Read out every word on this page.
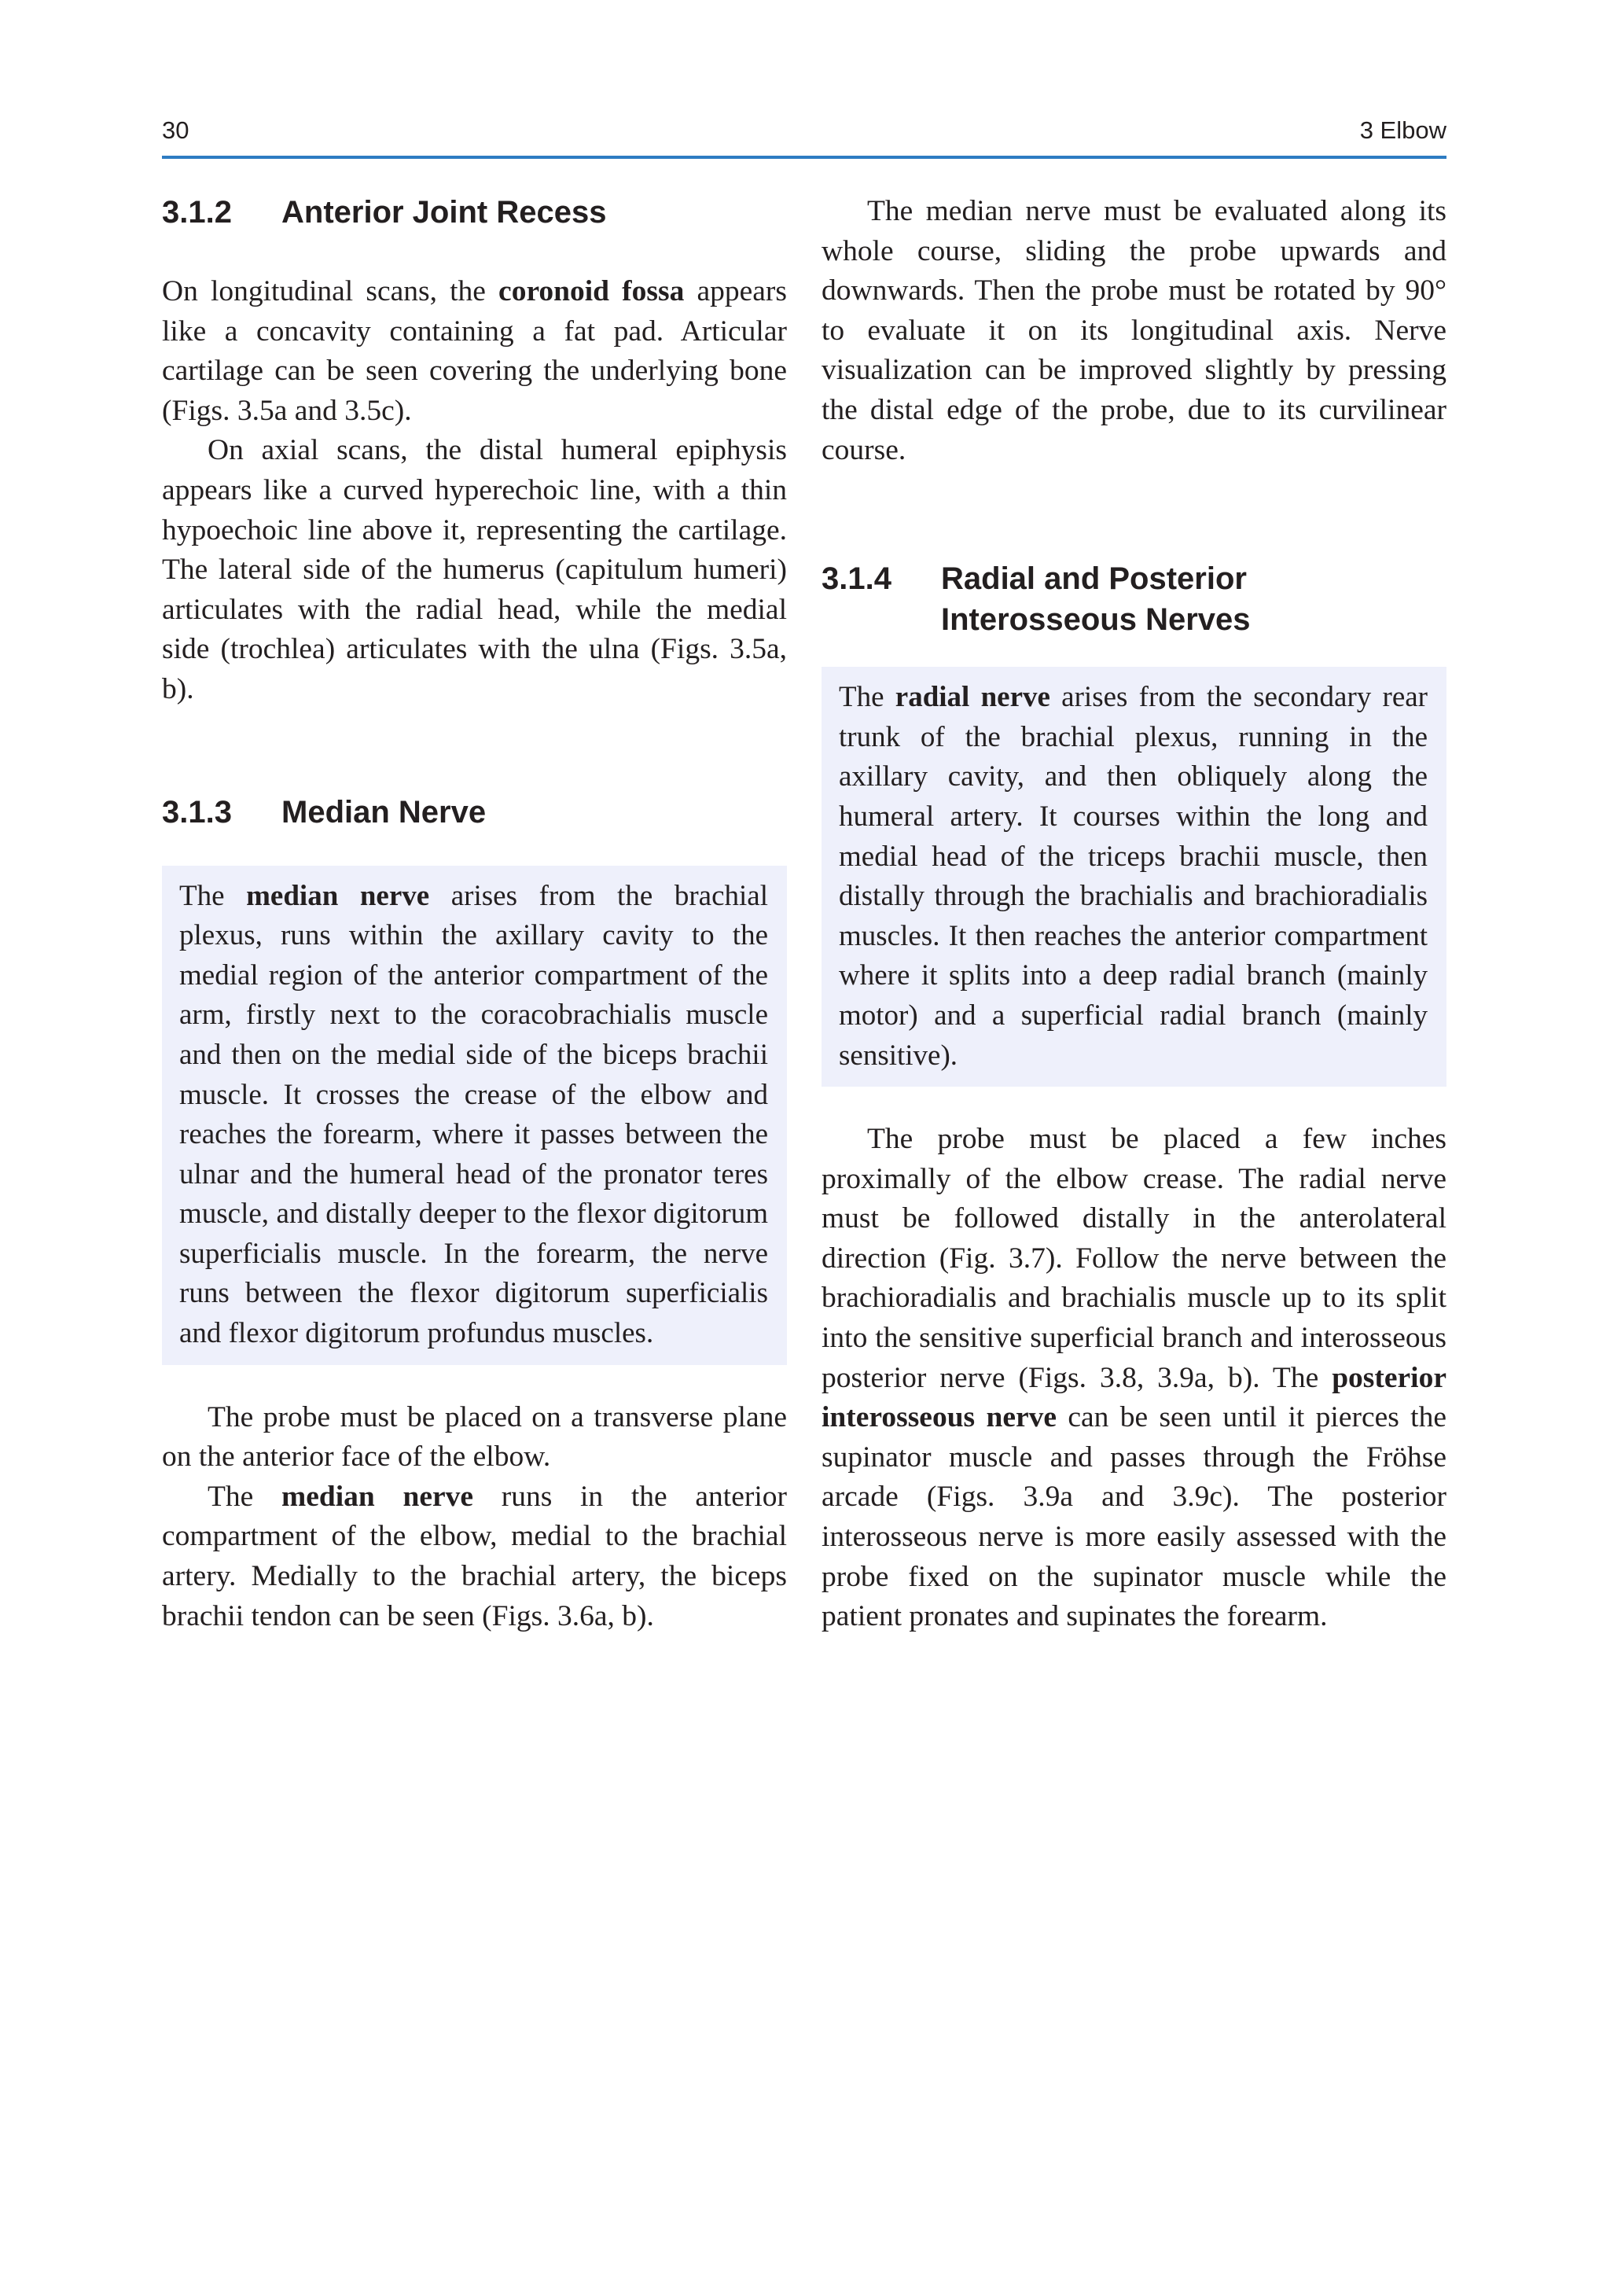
30	3 Elbow
3.1.2	Anterior Joint Recess

On longitudinal scans, the coronoid fossa appears like a concavity containing a fat pad. Articular cartilage can be seen covering the underlying bone (Figs. 3.5a and 3.5c).

On axial scans, the distal humeral epiphysis appears like a curved hyperechoic line, with a thin hypoechoic line above it, representing the cartilage. The lateral side of the humerus (capitulum humeri) articulates with the radial head, while the medial side (trochlea) articulates with the ulna (Figs. 3.5a, b).

3.1.3	Median Nerve

The median nerve arises from the brachial plexus, runs within the axillary cavity to the medial region of the anterior compartment of the arm, firstly next to the coracobrachialis muscle and then on the medial side of the biceps brachii muscle. It crosses the crease of the elbow and reaches the forearm, where it passes between the ulnar and the humeral head of the pronator teres muscle, and distally deeper to the flexor digitorum superficialis muscle. In the forearm, the nerve runs between the flexor digitorum superficialis and flexor digitorum profundus muscles.

The probe must be placed on a transverse plane on the anterior face of the elbow.

The median nerve runs in the anterior compartment of the elbow, medial to the brachial artery. Medially to the brachial artery, the biceps brachii tendon can be seen (Figs. 3.6a, b).

The median nerve must be evaluated along its whole course, sliding the probe upwards and downwards. Then the probe must be rotated by 90° to evaluate it on its longitudinal axis. Nerve visualization can be improved slightly by pressing the distal edge of the probe, due to its curvilinear course.

3.1.4	Radial and Posterior
Interosseous Nerves

The radial nerve arises from the secondary rear trunk of the brachial plexus, running in the axillary cavity, and then obliquely along the humeral artery. It courses within the long and medial head of the triceps brachii muscle, then distally through the brachialis and brachioradialis muscles. It then reaches the anterior compartment where it splits into a deep radial branch (mainly motor) and a superficial radial branch (mainly sensitive).

The probe must be placed a few inches proximally of the elbow crease. The radial nerve must be followed distally in the anterolateral direction (Fig. 3.7). Follow the nerve between the brachioradialis and brachialis muscle up to its split into the sensitive superficial branch and interosseous posterior nerve (Figs. 3.8, 3.9a, b). The posterior interosseous nerve can be seen until it pierces the supinator muscle and passes through the Fröhse arcade (Figs. 3.9a and 3.9c). The posterior interosseous nerve is more easily assessed with the probe fixed on the supinator muscle while the patient pronates and supinates the forearm.
